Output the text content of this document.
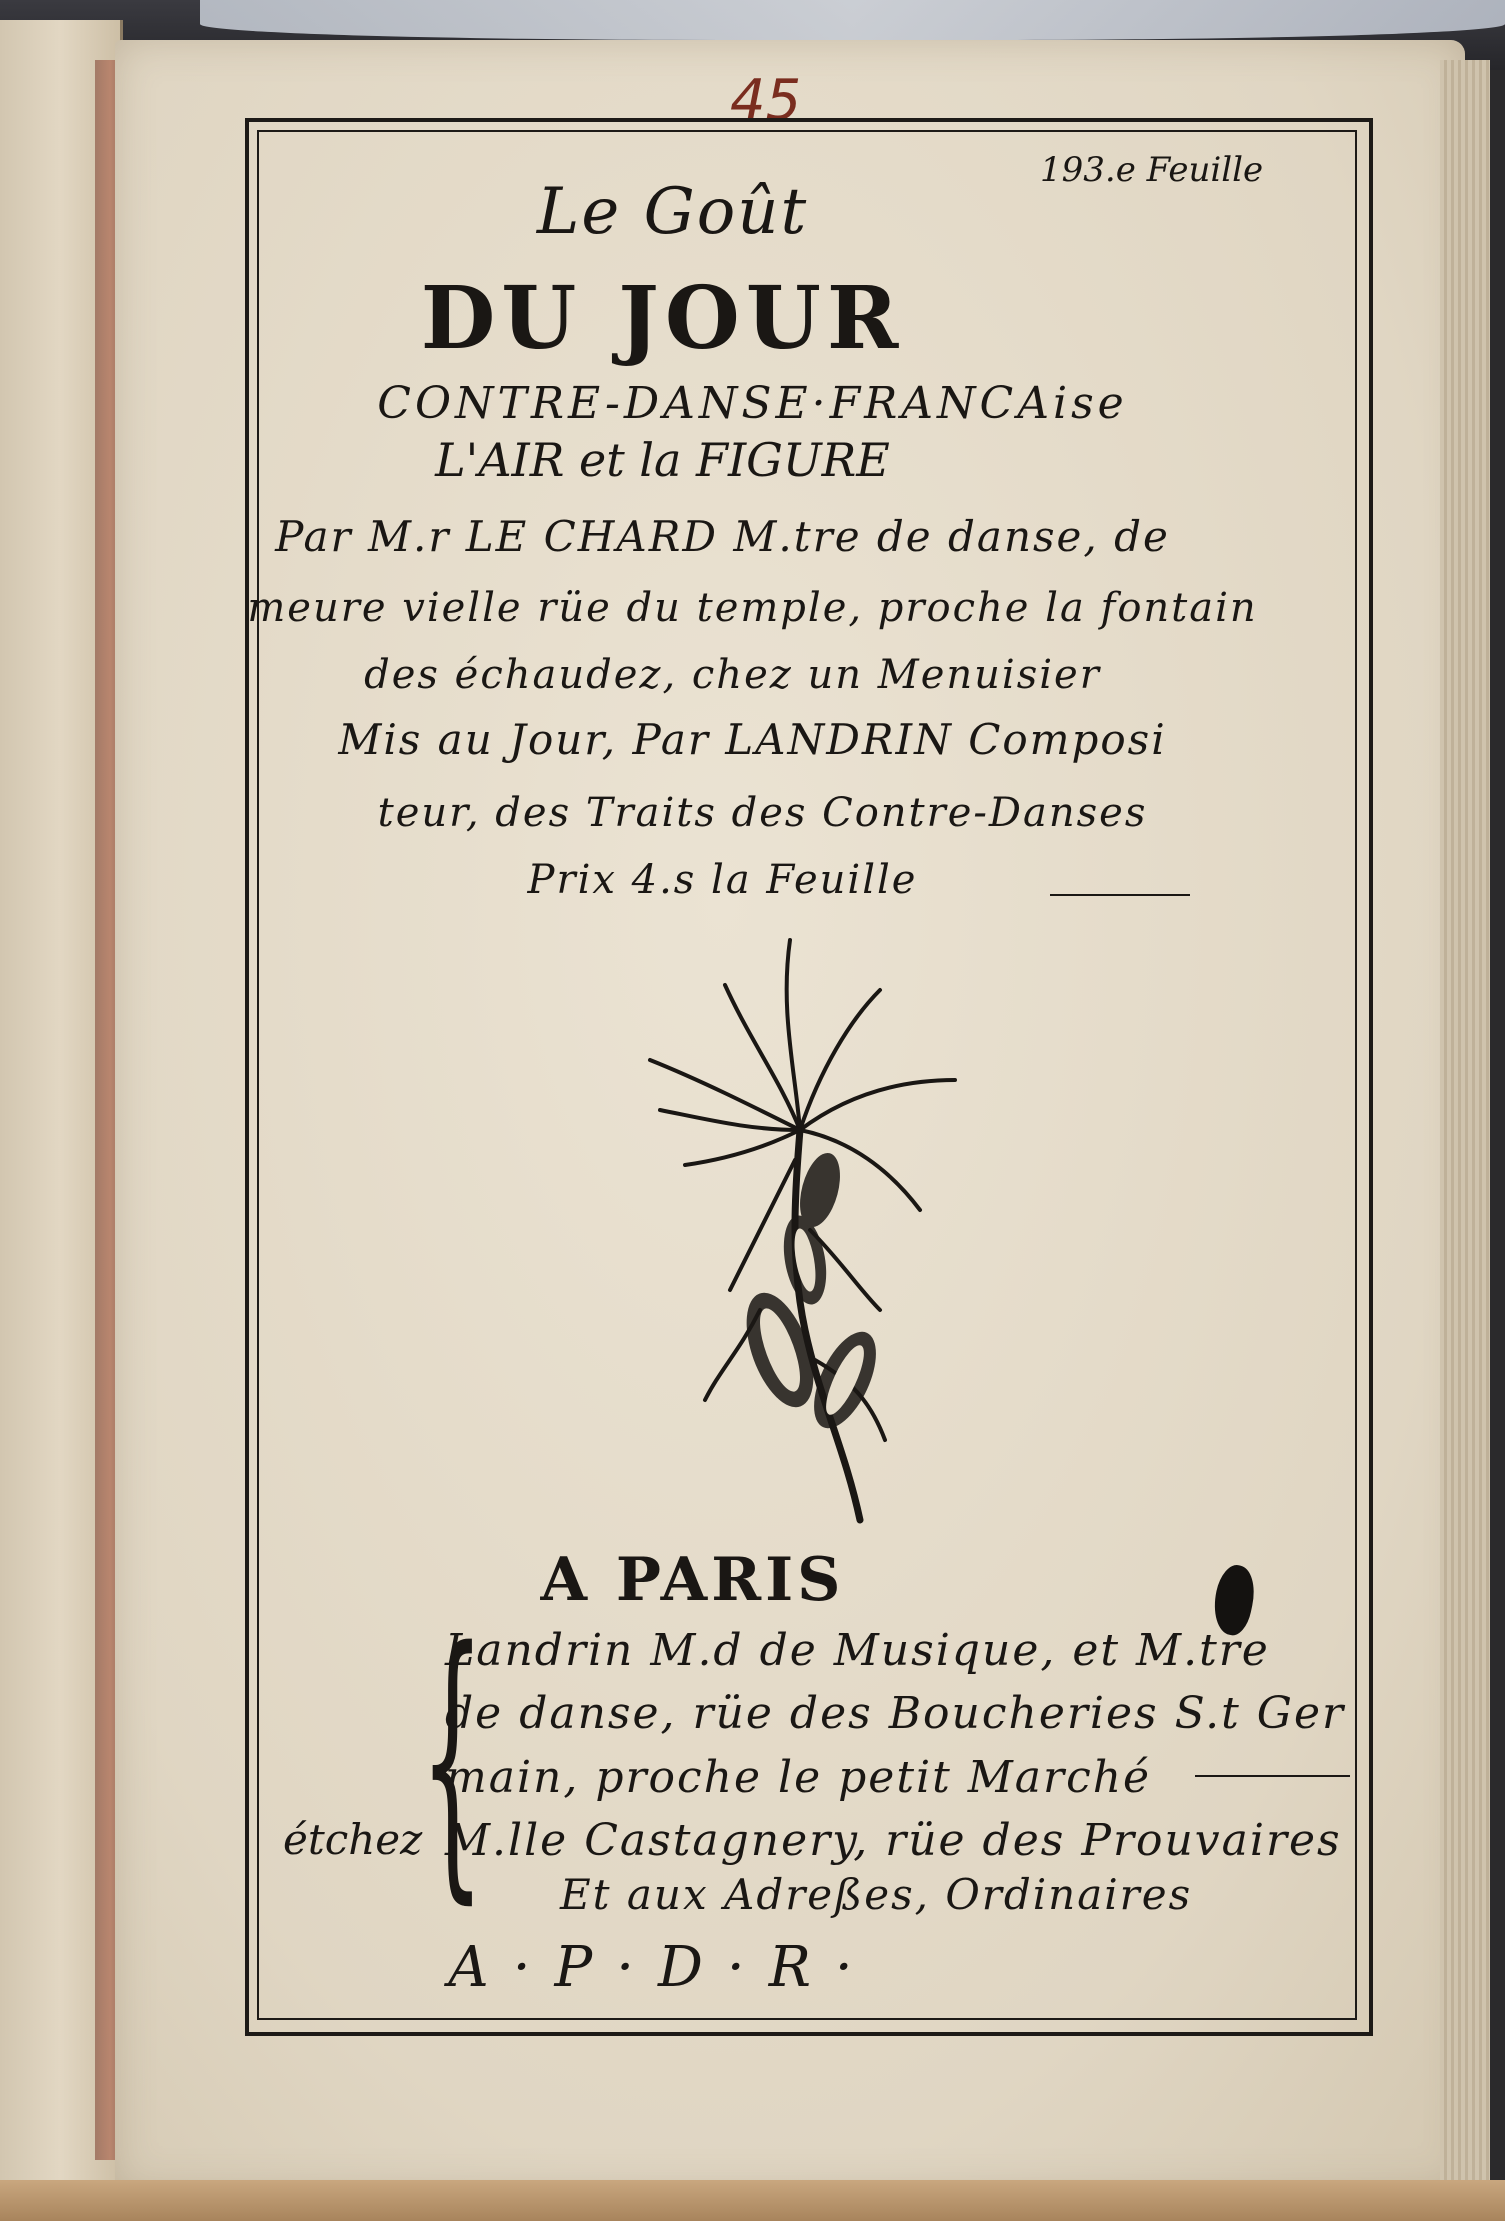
45
193.e Feuille
Le Goût
DU JOUR
CONTRE-DANSE·FRANCAise
L'AIR et la FIGURE
Par M.r LE CHARD M.tre de danse, de
meure vielle rüe du temple, proche la fontain
des échaudez, chez un Menuisier
Mis au Jour, Par LANDRIN Composi
teur, des Traits des Contre-Danses
Prix 4.s la Feuille
A PARIS
{
Landrin M.d de Musique, et M.tre
de danse, rüe des Boucheries S.t Ger
main, proche le petit Marché
étchez M.lle Castagnery, rüe des Prouvaires
Et aux Adreßes, Ordinaires
A·P·D·R·
